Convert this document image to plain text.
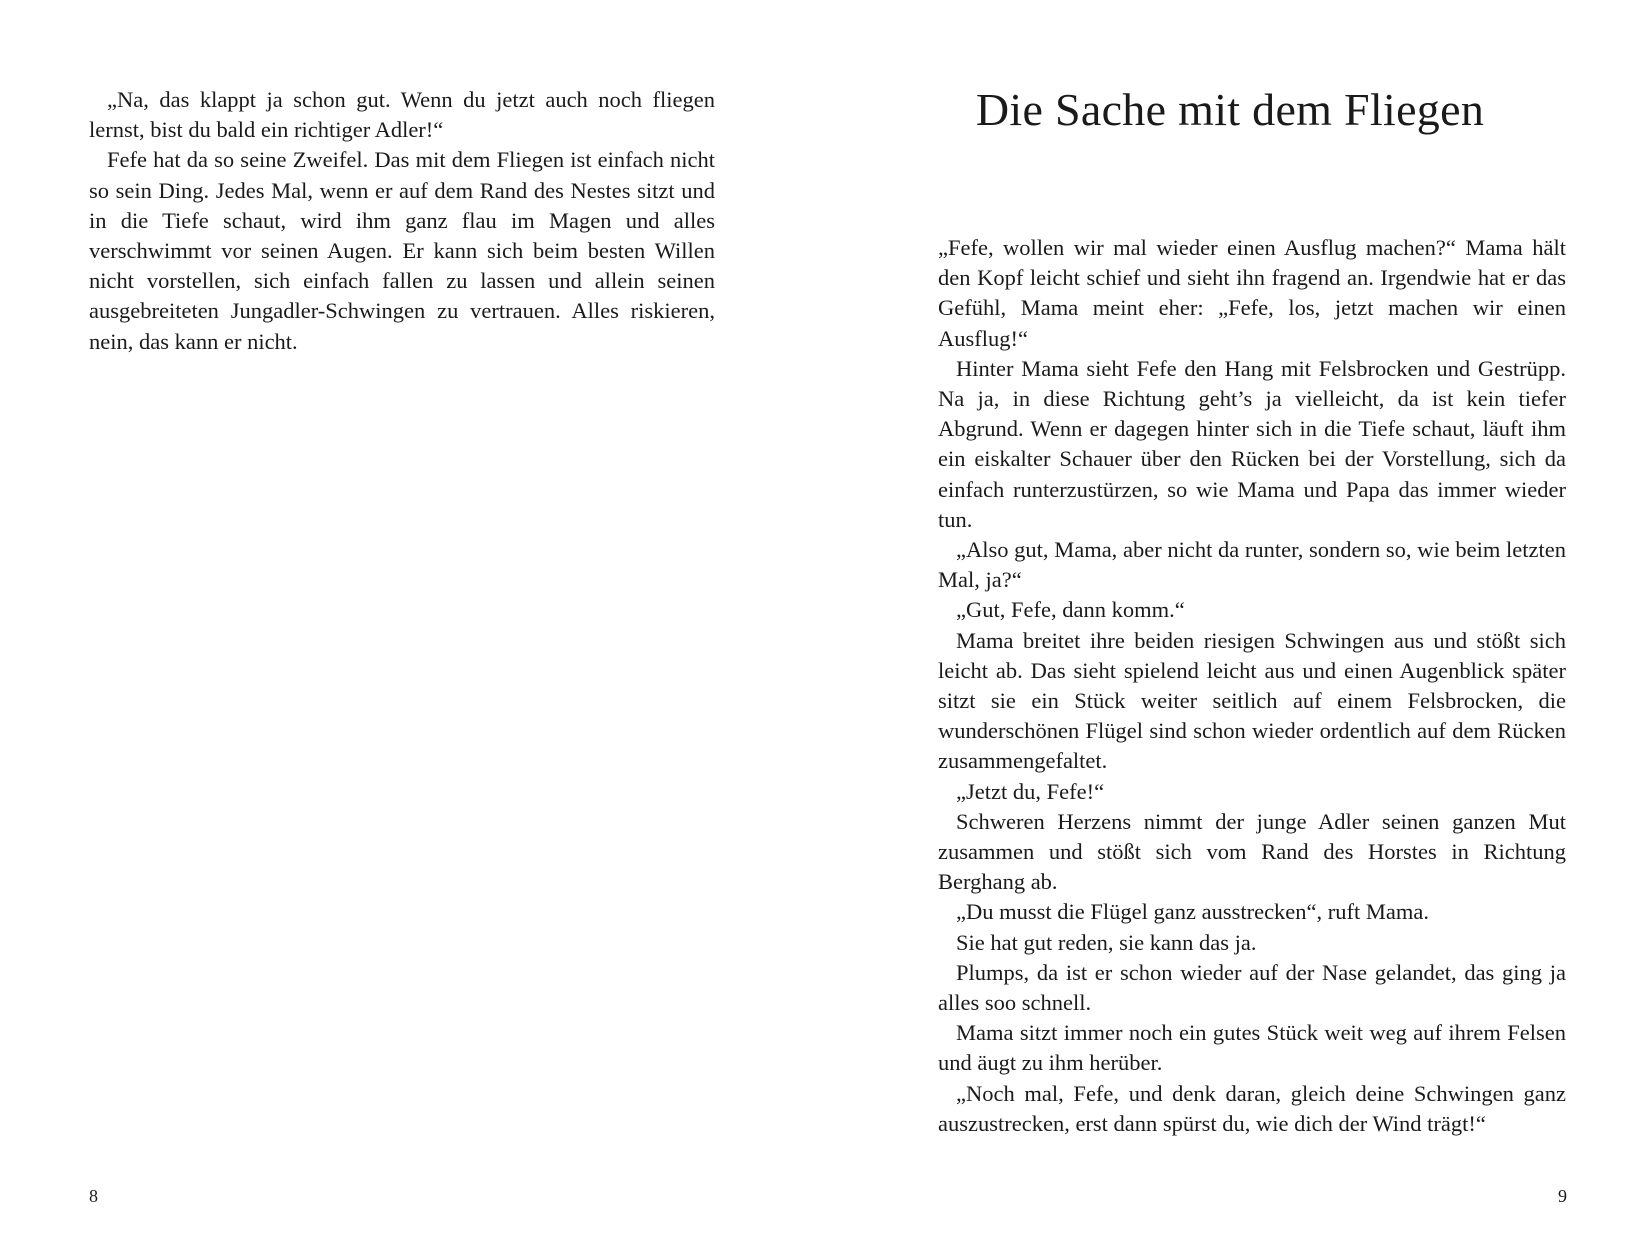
„Na, das klappt ja schon gut. Wenn du jetzt auch noch fliegen lernst, bist du bald ein richtiger Adler!“

Fefe hat da so seine Zweifel. Das mit dem Fliegen ist einfach nicht so sein Ding. Jedes Mal, wenn er auf dem Rand des Nestes sitzt und in die Tiefe schaut, wird ihm ganz flau im Magen und alles verschwimmt vor seinen Augen. Er kann sich beim besten Willen nicht vorstellen, sich einfach fallen zu lassen und allein seinen ausgebreiteten Jungadler-Schwingen zu vertrauen. Alles riskieren, nein, das kann er nicht.

8
Die Sache mit dem Fliegen

„Fefe, wollen wir mal wieder einen Ausflug machen?“ Mama hält den Kopf leicht schief und sieht ihn fragend an. Irgendwie hat er das Gefühl, Mama meint eher: „Fefe, los, jetzt machen wir einen Ausflug!“

Hinter Mama sieht Fefe den Hang mit Felsbrocken und Gestrüpp. Na ja, in diese Richtung geht’s ja vielleicht, da ist kein tiefer Abgrund. Wenn er dagegen hinter sich in die Tiefe schaut, läuft ihm ein eiskalter Schauer über den Rücken bei der Vorstellung, sich da einfach runterzustürzen, so wie Mama und Papa das immer wieder tun.

„Also gut, Mama, aber nicht da runter, sondern so, wie beim letzten Mal, ja?“

„Gut, Fefe, dann komm.“

Mama breitet ihre beiden riesigen Schwingen aus und stößt sich leicht ab. Das sieht spielend leicht aus und einen Augenblick später sitzt sie ein Stück weiter seitlich auf einem Felsbrocken, die wunderschönen Flügel sind schon wieder ordentlich auf dem Rücken zusammengefaltet.

„Jetzt du, Fefe!“

Schweren Herzens nimmt der junge Adler seinen ganzen Mut zusammen und stößt sich vom Rand des Horstes in Richtung Berghang ab.

„Du musst die Flügel ganz ausstrecken“, ruft Mama.

Sie hat gut reden, sie kann das ja.

Plumps, da ist er schon wieder auf der Nase gelandet, das ging ja alles soo schnell.

Mama sitzt immer noch ein gutes Stück weit weg auf ihrem Felsen und äugt zu ihm herüber.

„Noch mal, Fefe, und denk daran, gleich deine Schwingen ganz auszustrecken, erst dann spürst du, wie dich der Wind trägt!“

9
